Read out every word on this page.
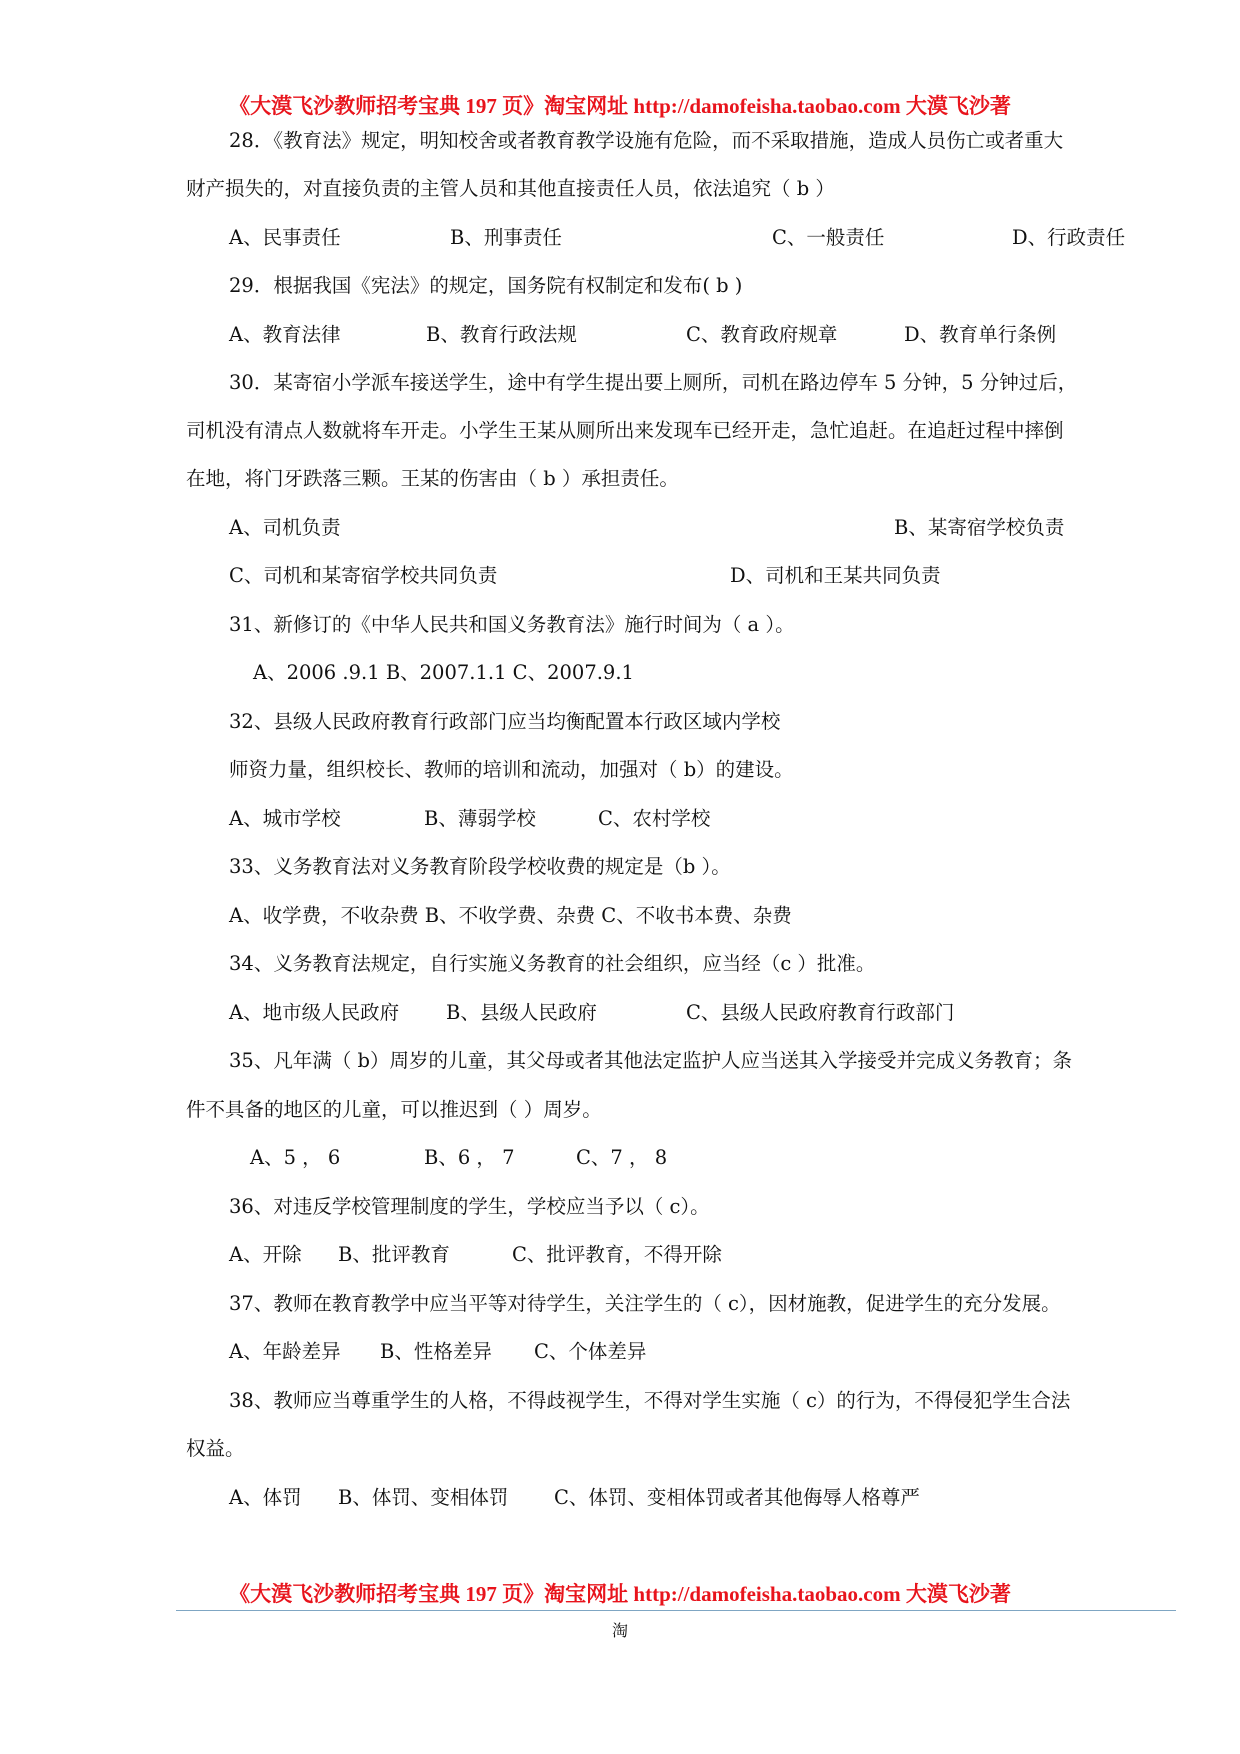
《大漠飞沙教师招考宝典 197 页》淘宝网址 http://damofeisha.taobao.com 大漠飞沙著
28．《教育法》规定，明知校舍或者教育教学设施有危险，而不采取措施，造成人员伤亡或者重大
财产损失的，对直接负责的主管人员和其他直接责任人员，依法追究（ b ）
A、民事责任	B、刑事责任	C、一般责任	D、行政责任
29．根据我国《宪法》的规定，国务院有权制定和发布( b )
A、教育法律	B、教育行政法规	C、教育政府规章	D、教育单行条例
30．某寄宿小学派车接送学生，途中有学生提出要上厕所，司机在路边停车 5 分钟，5 分钟过后，
司机没有清点人数就将车开走。小学生王某从厕所出来发现车已经开走，急忙追赶。在追赶过程中摔倒
在地，将门牙跌落三颗。王某的伤害由（ b ）承担责任。
A、司机负责	B、某寄宿学校负责
C、司机和某寄宿学校共同负责	D、司机和王某共同负责
31、新修订的《中华人民共和国义务教育法》施行时间为（ a ）。
A、2006 .9.1 B、2007.1.1 C、2007.9.1
32、县级人民政府教育行政部门应当均衡配置本行政区域内学校
师资力量，组织校长、教师的培训和流动，加强对（ b）的建设。
A、城市学校	B、薄弱学校	C、农村学校
33、义务教育法对义务教育阶段学校收费的规定是（b ）。
A、收学费，不收杂费 B、不收学费、杂费 C、不收书本费、杂费
34、义务教育法规定，自行实施义务教育的社会组织，应当经（c ）批准。
A、地市级人民政府 B、县级人民政府	C、县级人民政府教育行政部门
35、凡年满（ b）周岁的儿童，其父母或者其他法定监护人应当送其入学接受并完成义务教育；条
件不具备的地区的儿童，可以推迟到（ ）周岁。
A、5 ， 6	B、6 ， 7	C、7 ， 8
36、对违反学校管理制度的学生，学校应当予以（ c）。
A、开除 B、批评教育	C、批评教育，不得开除
37、教师在教育教学中应当平等对待学生，关注学生的（ c），因材施教，促进学生的充分发展。
A、年龄差异 B、性格差异 C、个体差异
38、教师应当尊重学生的人格，不得歧视学生，不得对学生实施（ c）的行为，不得侵犯学生合法
权益。
A、体罚 B、体罚、变相体罚 C、体罚、变相体罚或者其他侮辱人格尊严
《大漠飞沙教师招考宝典 197 页》淘宝网址 http://damofeisha.taobao.com 大漠飞沙著
淘
